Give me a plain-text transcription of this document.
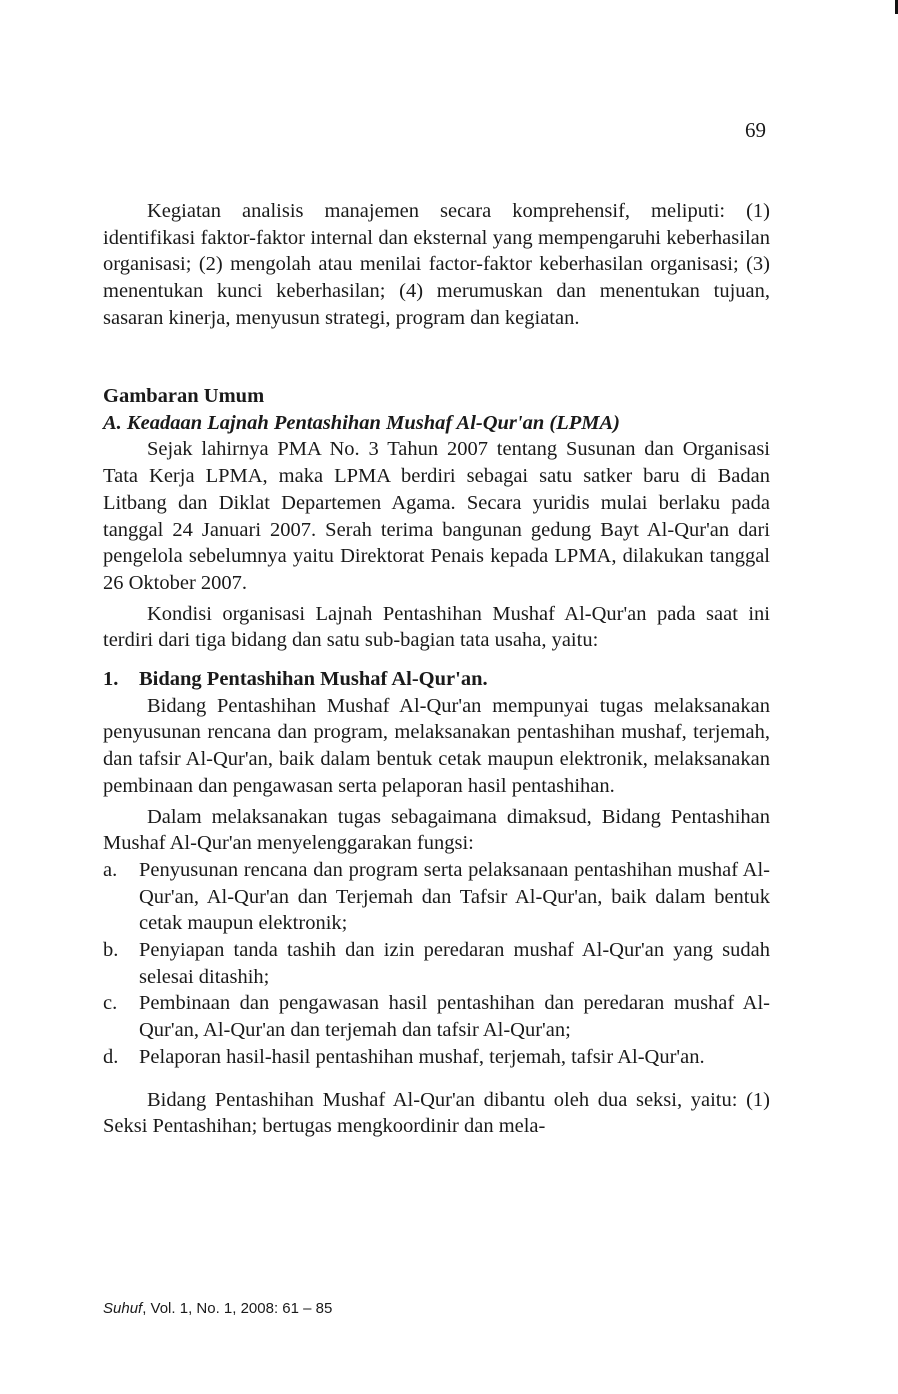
69

Kegiatan analisis manajemen secara komprehensif, meliputi: (1) identifikasi faktor-faktor internal dan eksternal yang mempengaruhi keberhasilan organisasi; (2) mengolah atau menilai factor-faktor keberhasilan organisasi; (3) menentukan kunci keberhasilan; (4) merumuskan dan menentukan tujuan, sasaran kinerja, menyusun strategi, program dan kegiatan.

Gambaran Umum
A. Keadaan Lajnah Pentashihan Mushaf Al-Qur'an (LPMA)

Sejak lahirnya PMA No. 3 Tahun 2007 tentang Susunan dan Organisasi Tata Kerja LPMA, maka LPMA berdiri sebagai satu satker baru di Badan Litbang dan Diklat Departemen Agama. Secara yuridis mulai berlaku pada tanggal 24 Januari 2007. Serah terima bangunan gedung Bayt Al-Qur'an dari pengelola sebelumnya yaitu Direktorat Penais kepada LPMA, dilakukan tanggal 26 Oktober 2007.

Kondisi organisasi Lajnah Pentashihan Mushaf Al-Qur'an pada saat ini terdiri dari tiga bidang dan satu sub-bagian tata usaha, yaitu:

1.	Bidang Pentashihan Mushaf Al-Qur'an.

Bidang Pentashihan Mushaf Al-Qur'an mempunyai tugas melaksanakan penyusunan rencana dan program, melaksanakan pentashihan mushaf, terjemah, dan tafsir Al-Qur'an, baik dalam bentuk cetak maupun elektronik, melaksanakan pembinaan dan pengawasan serta pelaporan hasil pentashihan.

Dalam melaksanakan tugas sebagaimana dimaksud, Bidang Pentashihan Mushaf Al-Qur'an menyelenggarakan fungsi:

a.	Penyusunan rencana dan program serta pelaksanaan pentashihan mushaf Al-Qur'an, Al-Qur'an dan Terjemah dan Tafsir Al-Qur'an, baik dalam bentuk cetak maupun elektronik;
b.	Penyiapan tanda tashih dan izin peredaran mushaf Al-Qur'an yang sudah selesai ditashih;
c.	Pembinaan dan pengawasan hasil pentashihan dan peredaran mushaf Al-Qur'an, Al-Qur'an dan terjemah dan tafsir Al-Qur'an;
d.	Pelaporan hasil-hasil pentashihan mushaf, terjemah, tafsir Al-Qur'an.

Bidang Pentashihan Mushaf Al-Qur'an dibantu oleh dua seksi, yaitu: (1) Seksi Pentashihan; bertugas mengkoordinir dan mela-

Suhuf, Vol. 1, No. 1, 2008: 61 – 85
